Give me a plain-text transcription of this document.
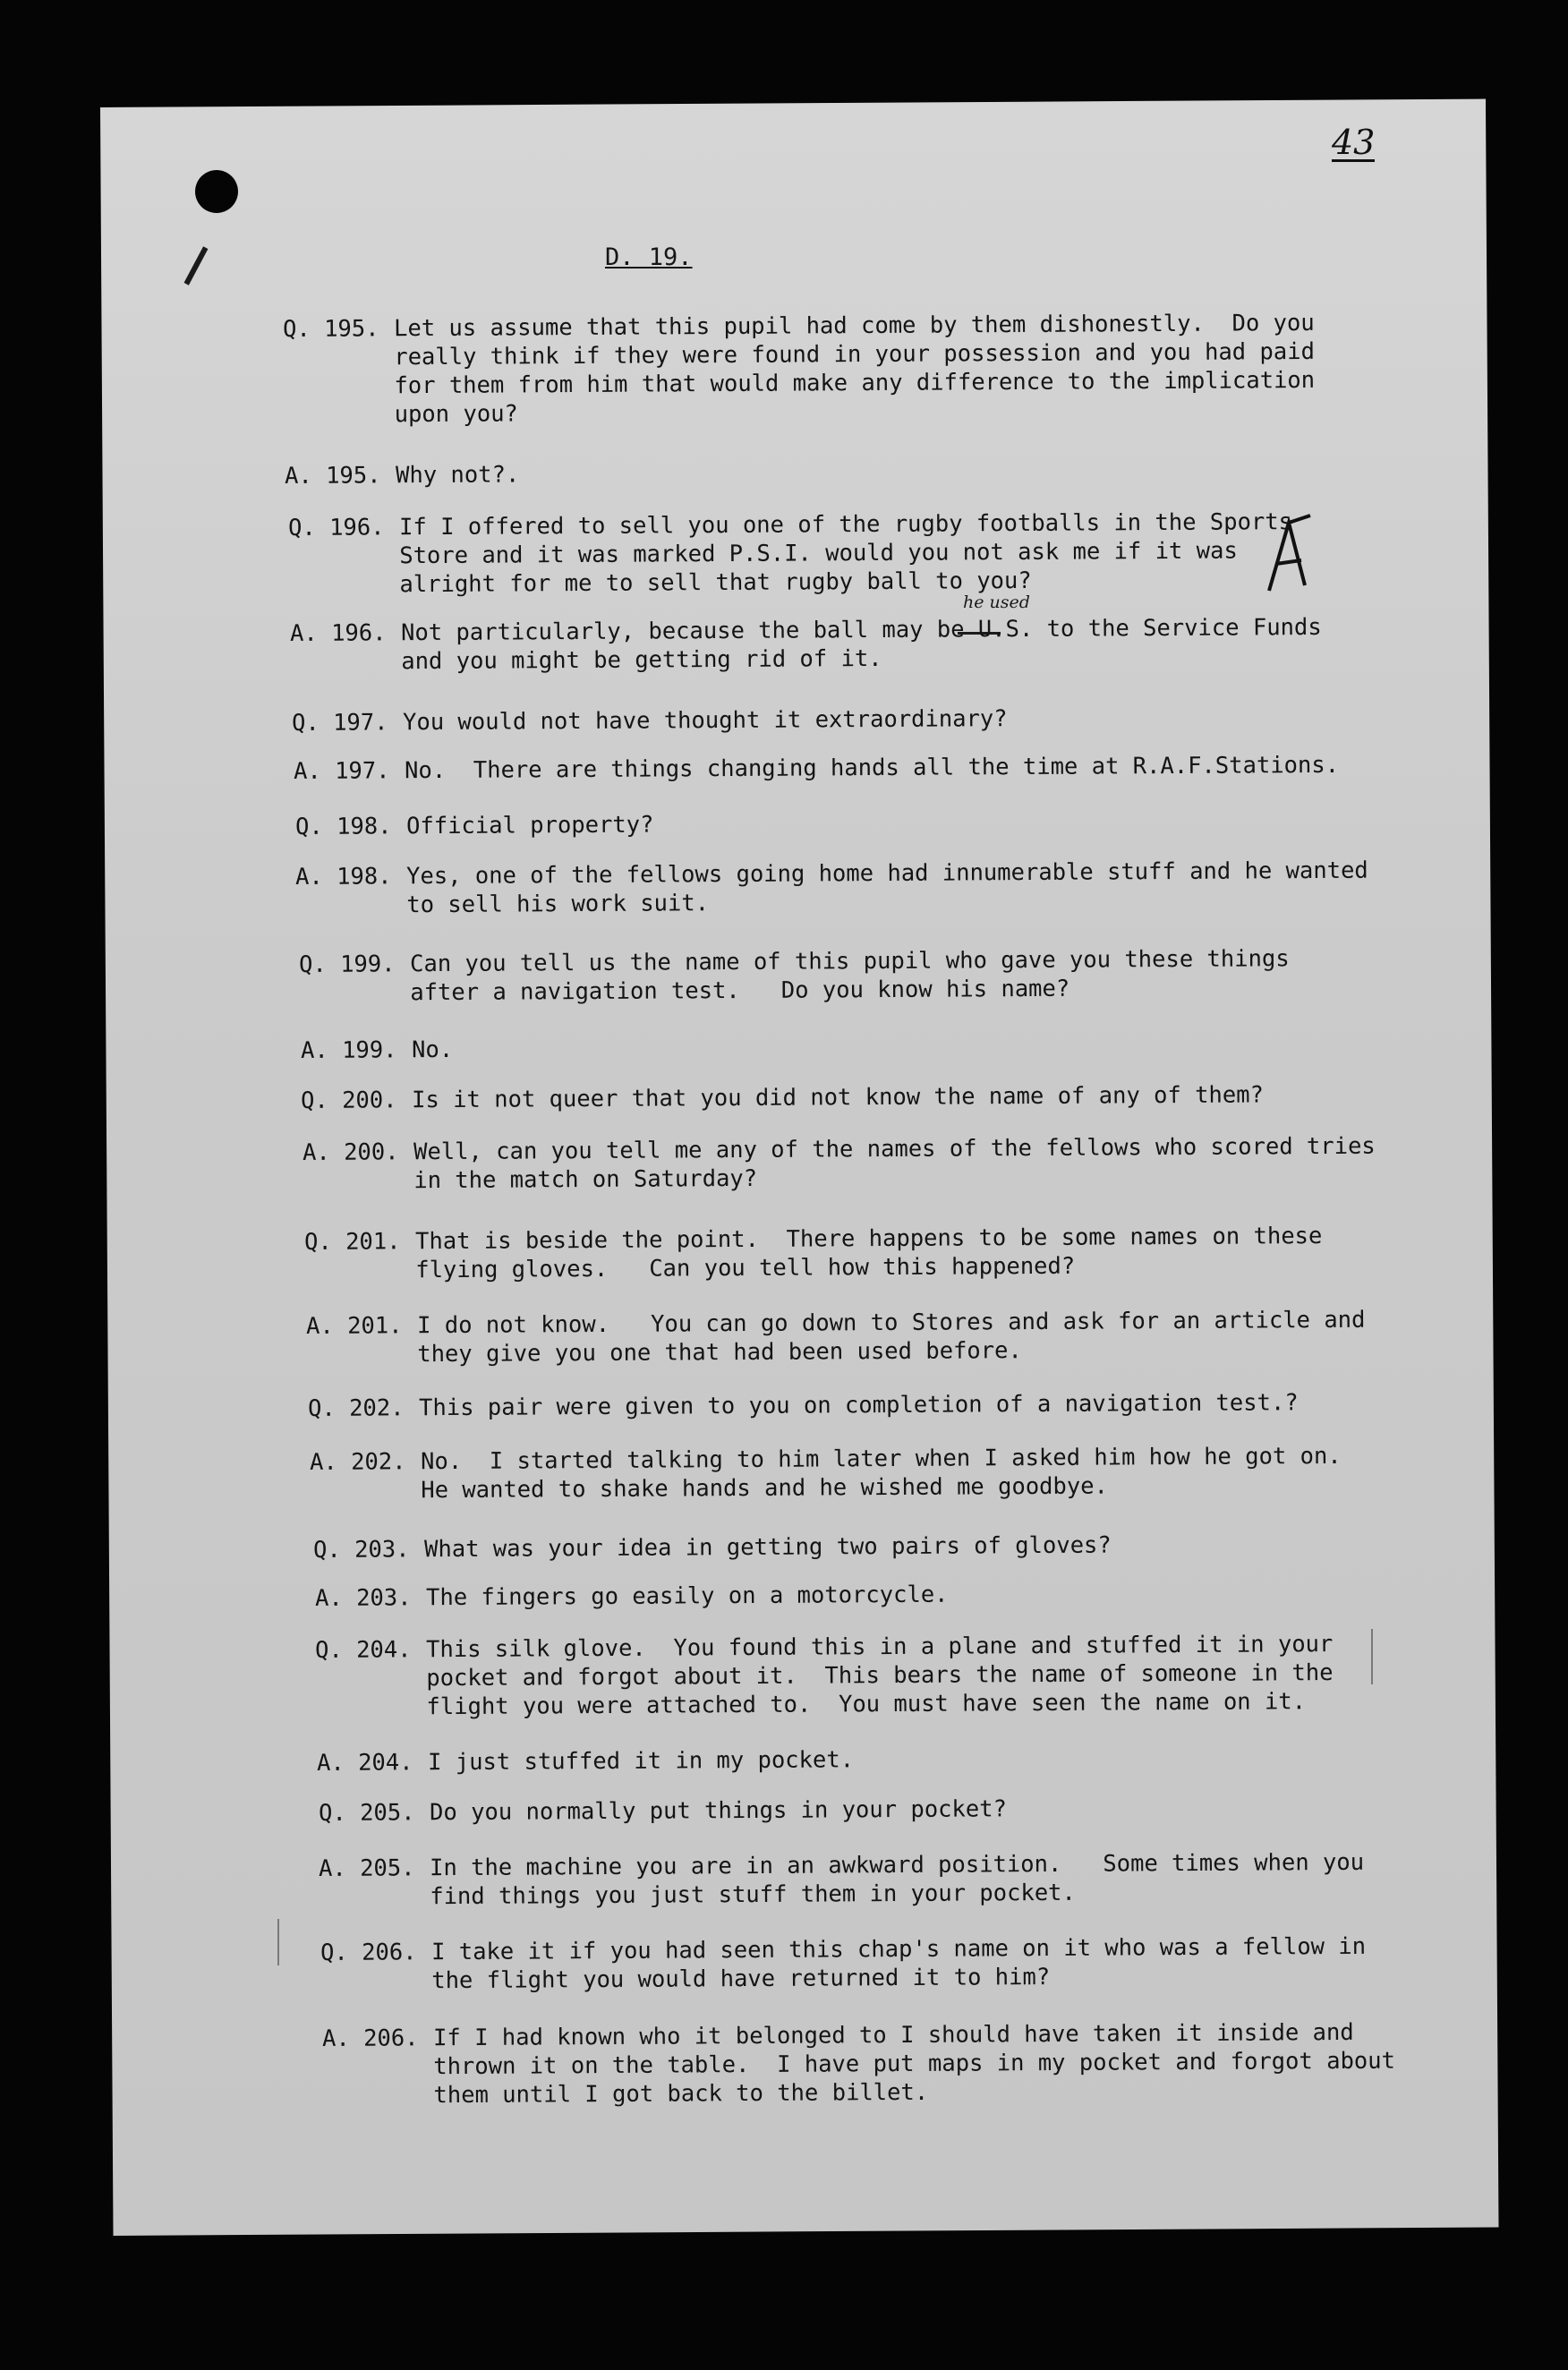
43
D. 19.
he used
Q. 195. Let us assume that this pupil had come by them dishonestly.  Do you
really think if they were found in your possession and you had paid
for them from him that would make any difference to the implication
upon you?
A. 195. Why not?.
Q. 196. If I offered to sell you one of the rugby footballs in the Sports
Store and it was marked P.S.I. would you not ask me if it was
alright for me to sell that rugby ball to you?
A. 196. Not particularly, because the ball may be U.S. to the Service Funds
and you might be getting rid of it.
Q. 197. You would not have thought it extraordinary?
A. 197. No.  There are things changing hands all the time at R.A.F.Stations.
Q. 198. Official property?
A. 198. Yes, one of the fellows going home had innumerable stuff and he wanted
to sell his work suit.
Q. 199. Can you tell us the name of this pupil who gave you these things
after a navigation test.   Do you know his name?
A. 199. No.
Q. 200. Is it not queer that you did not know the name of any of them?
A. 200. Well, can you tell me any of the names of the fellows who scored tries
in the match on Saturday?
Q. 201. That is beside the point.  There happens to be some names on these
flying gloves.   Can you tell how this happened?
A. 201. I do not know.   You can go down to Stores and ask for an article and
they give you one that had been used before.
Q. 202. This pair were given to you on completion of a navigation test.?
A. 202. No.  I started talking to him later when I asked him how he got on.
He wanted to shake hands and he wished me goodbye.
Q. 203. What was your idea in getting two pairs of gloves?
A. 203. The fingers go easily on a motorcycle.
Q. 204. This silk glove.  You found this in a plane and stuffed it in your
pocket and forgot about it.  This bears the name of someone in the
flight you were attached to.  You must have seen the name on it.
A. 204. I just stuffed it in my pocket.
Q. 205. Do you normally put things in your pocket?
A. 205. In the machine you are in an awkward position.   Some times when you
find things you just stuff them in your pocket.
Q. 206. I take it if you had seen this chap's name on it who was a fellow in
the flight you would have returned it to him?
A. 206. If I had known who it belonged to I should have taken it inside and
thrown it on the table.  I have put maps in my pocket and forgot about
them until I got back to the billet.
